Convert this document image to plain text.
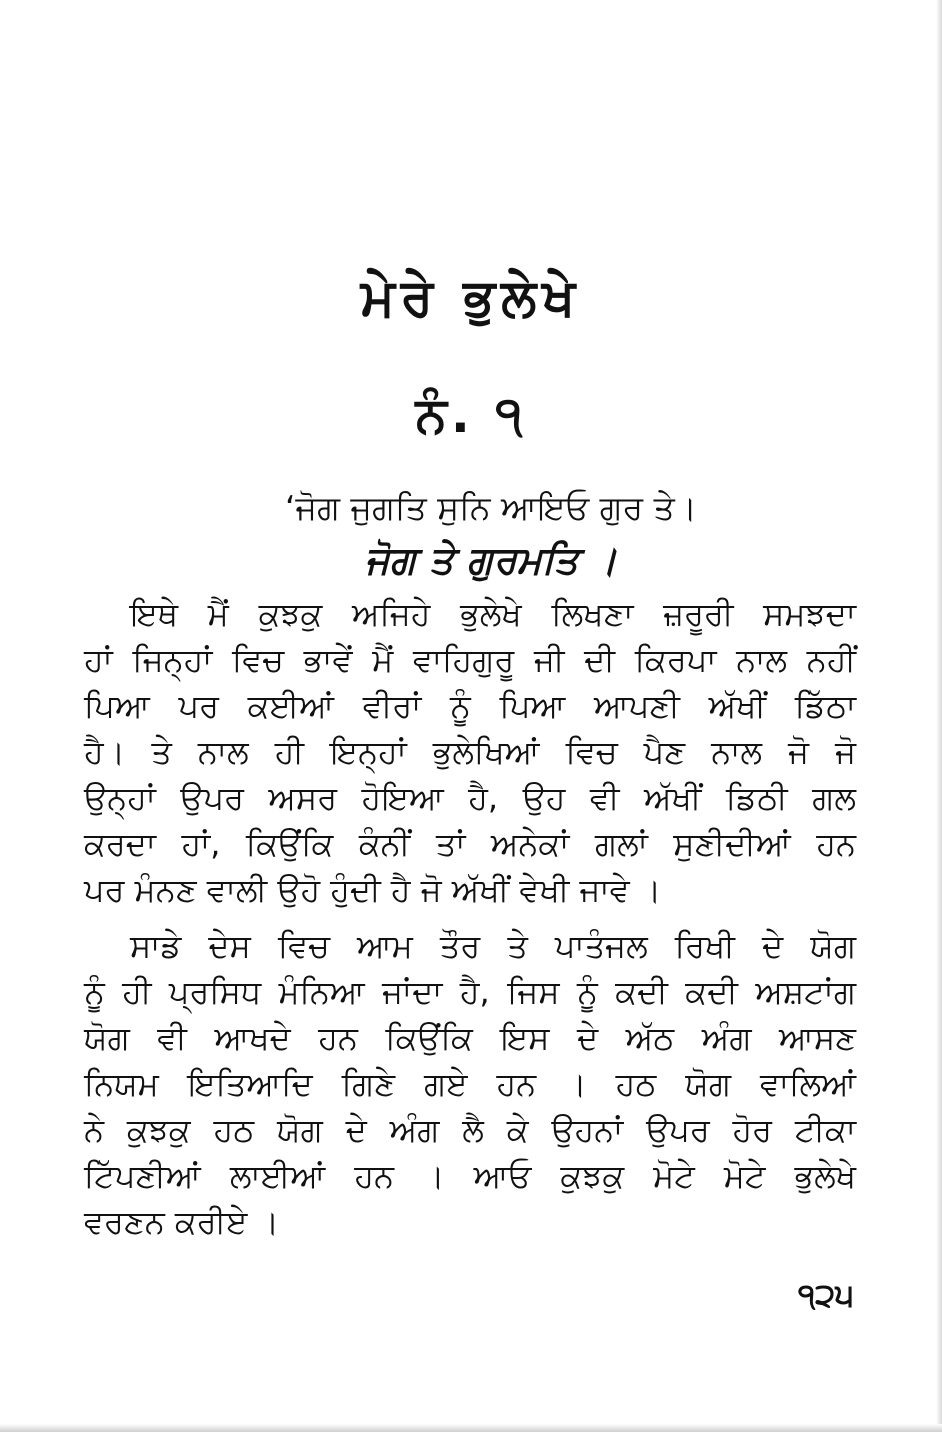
ਮੇਰੇ ਭੁਲੇਖੇ
ਨੰ. ੧
‘ਜੋਗ ਜੁਗਤਿ ਸੁਨਿ ਆਇਓ ਗੁਰ ਤੇ।
ਜੋਗ ਤੇ ਗੁਰਮਤਿ ।
ਇਥੇ ਮੈਂ ਕੁਝਕੁ ਅਜਿਹੇ ਭੁਲੇਖੇ ਲਿਖਣਾ ਜ਼ਰੂਰੀ ਸਮਝਦਾ
ਹਾਂ ਜਿਨ੍ਹਾਂ ਵਿਚ ਭਾਵੇਂ ਮੈਂ ਵਾਹਿਗੁਰੂ ਜੀ ਦੀ ਕਿਰਪਾ ਨਾਲ ਨਹੀਂ
ਪਿਆ ਪਰ ਕਈਆਂ ਵੀਰਾਂ ਨੂੰ ਪਿਆ ਆਪਣੀ ਅੱਖੀਂ ਡਿੱਠਾ
ਹੈ। ਤੇ ਨਾਲ ਹੀ ਇਨ੍ਹਾਂ ਭੁਲੇਖਿਆਂ ਵਿਚ ਪੈਣ ਨਾਲ ਜੋ ਜੋ
ਉਨ੍ਹਾਂ ਉਪਰ ਅਸਰ ਹੋਇਆ ਹੈ, ਉਹ ਵੀ ਅੱਖੀਂ ਡਿਠੀ ਗਲ
ਕਰਦਾ ਹਾਂ, ਕਿਉਂਕਿ ਕੰਨੀਂ ਤਾਂ ਅਨੇਕਾਂ ਗਲਾਂ ਸੁਣੀਦੀਆਂ ਹਨ
ਪਰ ਮੰਨਣ ਵਾਲੀ ਉਹੋ ਹੁੰਦੀ ਹੈ ਜੋ ਅੱਖੀਂ ਵੇਖੀ ਜਾਵੇ ।
ਸਾਡੇ ਦੇਸ ਵਿਚ ਆਮ ਤੌਰ ਤੇ ਪਾਤੰਜਲ ਰਿਖੀ ਦੇ ਯੋਗ
ਨੂੰ ਹੀ ਪ੍ਰਸਿਧ ਮੰਨਿਆ ਜਾਂਦਾ ਹੈ, ਜਿਸ ਨੂੰ ਕਦੀ ਕਦੀ ਅਸ਼ਟਾਂਗ
ਯੋਗ ਵੀ ਆਖਦੇ ਹਨ ਕਿਉਂਕਿ ਇਸ ਦੇ ਅੱਠ ਅੰਗ ਆਸਣ
ਨਿਯਮ ਇਤਿਆਦਿ ਗਿਣੇ ਗਏ ਹਨ । ਹਠ ਯੋਗ ਵਾਲਿਆਂ
ਨੇ ਕੁਝਕੁ ਹਠ ਯੋਗ ਦੇ ਅੰਗ ਲੈ ਕੇ ਉਹਨਾਂ ਉਪਰ ਹੋਰ ਟੀਕਾ
ਟਿੱਪਣੀਆਂ ਲਾਈਆਂ ਹਨ । ਆਓ ਕੁਝਕੁ ਮੋਟੇ ਮੋਟੇ ਭੁਲੇਖੇ
ਵਰਣਨ ਕਰੀਏ ।
੧੨੫
